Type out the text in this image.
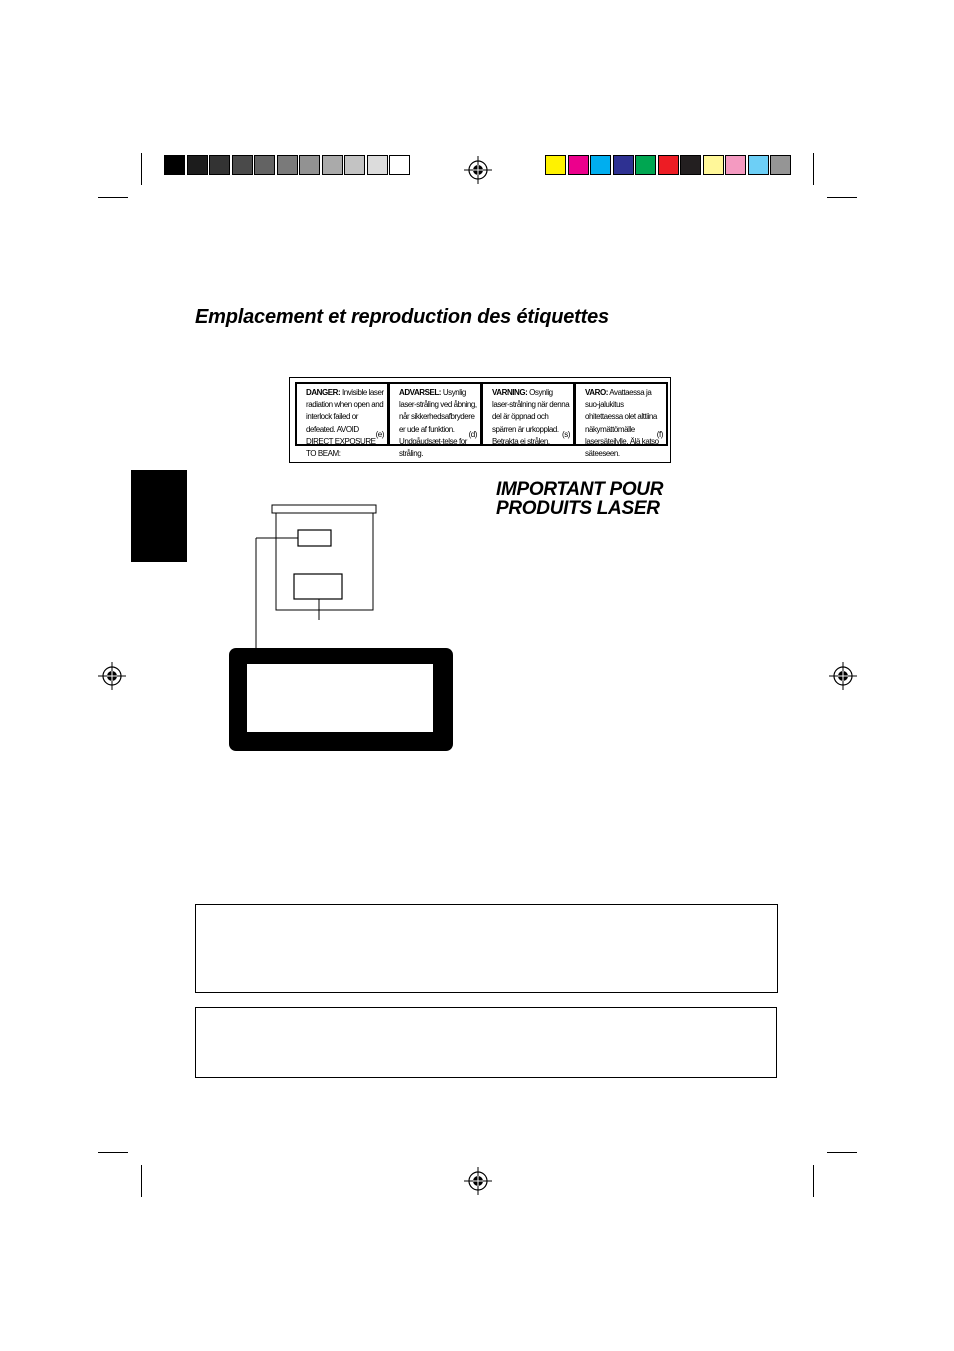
Emplacement et reproduction des étiquettes
DANGER: Invisible laser radiation when open and interlock failed or defeated. AVOID DIRECT EXPOSURE TO BEAM:
(e)
ADVARSEL: Usynlig laser-stråling ved åbning, når sikkerhedsafbrydere er ude af funktion. Undgåudsæt-telse for stråling.
(d)
VARNING: Osynlig laser-strålning när denna del är öppnad och spärren är urkopplad. Betrakta ej strålen.
(s)
VARO: Avattaessa ja suo-jalukitus ohitettaessa olet alttiina näkymättömälle lasersäteilylle. Älä katso säteeseen.
(f)
IMPORTANT POUR
PRODUITS LASER
